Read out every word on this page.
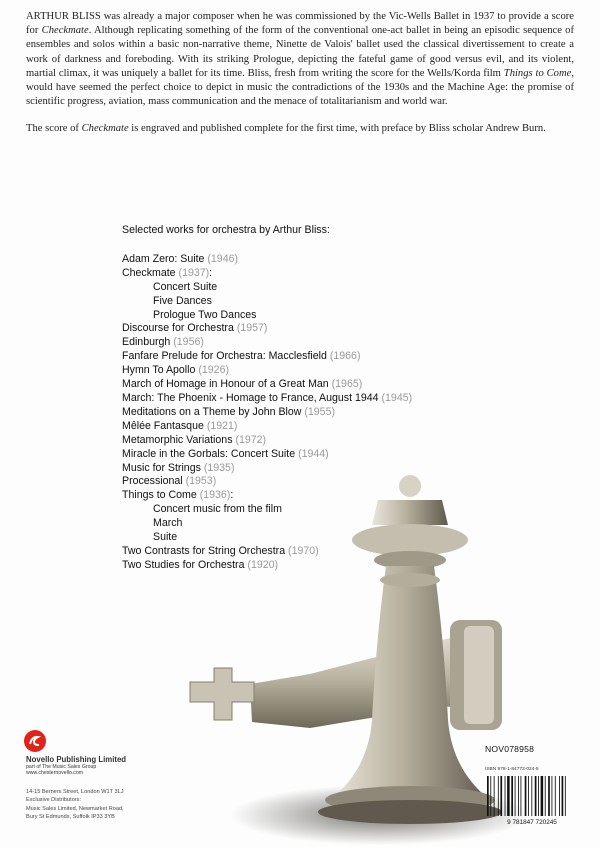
ARTHUR BLISS was already a major composer when he was commissioned by the Vic-Wells Ballet in 1937 to provide a score for Checkmate. Although replicating something of the form of the conventional one-act ballet in being an episodic sequence of ensembles and solos within a basic non-narrative theme, Ninette de Valois' ballet used the classical divertissement to create a work of darkness and foreboding. With its striking Prologue, depicting the fateful game of good versus evil, and its violent, martial climax, it was uniquely a ballet for its time. Bliss, fresh from writing the score for the Wells/Korda film Things to Come, would have seemed the perfect choice to depict in music the contradictions of the 1930s and the Machine Age: the promise of scientific progress, aviation, mass communication and the menace of totalitarianism and world war.

The score of Checkmate is engraved and published complete for the first time, with preface by Bliss scholar Andrew Burn.

Selected works for orchestra by Arthur Bliss:
Adam Zero: Suite (1946)
Checkmate (1937):
Concert Suite
Five Dances
Prologue Two Dances
Discourse for Orchestra (1957)
Edinburgh (1956)
Fanfare Prelude for Orchestra: Macclesfield (1966)
Hymn To Apollo (1926)
March of Homage in Honour of a Great Man (1965)
March: The Phoenix - Homage to France, August 1944 (1945)
Meditations on a Theme by John Blow (1955)
Mêlée Fantasque (1921)
Metamorphic Variations (1972)
Miracle in the Gorbals: Concert Suite (1944)
Music for Strings (1935)
Processional (1953)
Things to Come (1936):
Concert music from the film
March
Suite
Two Contrasts for String Orchestra (1970)
Two Studies for Orchestra (1920)
Novello Publishing Limited
part of The Music Sales Group
www.chesternovello.com
14-15 Berners Street, London W1T 3LJ
Exclusive Distributors:
Music Sales Limited, Newmarket Road,
Bury St Edmunds, Suffolk IP33 3YB
NOV078958
ISBN 978-1-84772-024-5
9 781847 720245
